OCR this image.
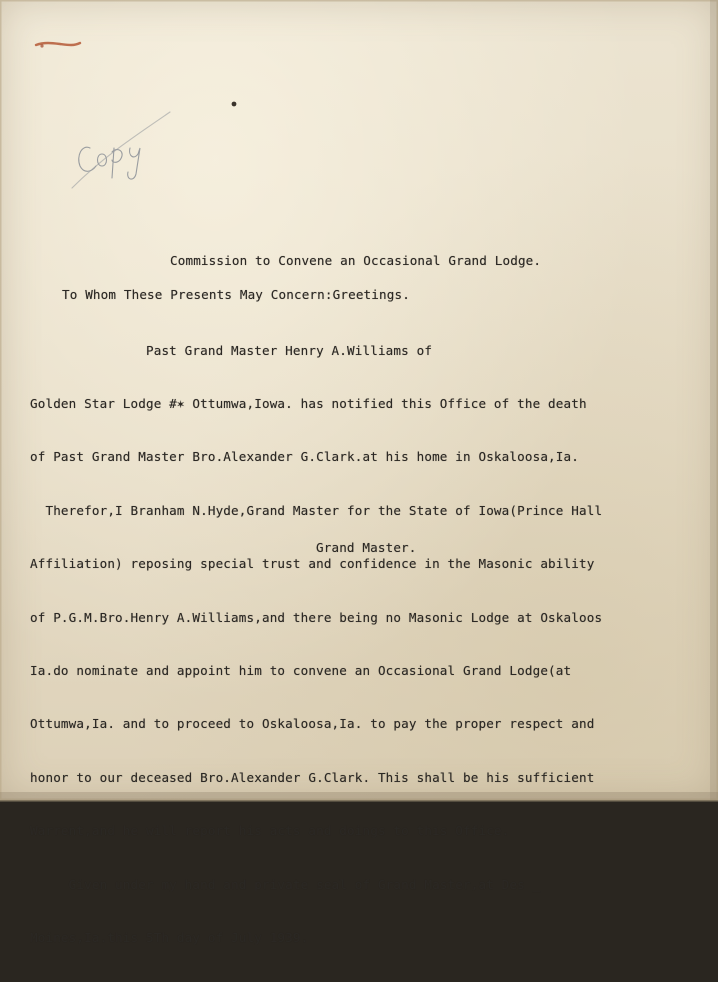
Commission to Convene an Occasional Grand Lodge.
To Whom These Presents May Concern:Greetings.

Past Grand Master Henry A.Williams of

Golden Star Lodge #✶ Ottumwa,Iowa. has notified this Office of the death

of Past Grand Master Bro.Alexander G.Clark.at his home in Oskaloosa,Ia.

Therefor,I Branham N.Hyde,Grand Master for the State of Iowa(Prince Hall

Affiliation) reposing special trust and confidence in the Masonic ability

of P.G.M.Bro.Henry A.Williams,and there being no Masonic Lodge at Oskaloos

Ia.do nominate and appoint him to convene an Occasional Grand Lodge(at

Ottumwa,Ia. and to proceed to Oskaloosa,Ia. to pay the proper respect and

honor to our deceased Bro.Alexander G.Clark. This shall be his sufficient

Warrent,and he will report his acts and doings to this Office.

Given under my hand and private seal of Grand Master,at Des _

Moines,Ia.this 5Th day of July 1939.

Grand Master.
